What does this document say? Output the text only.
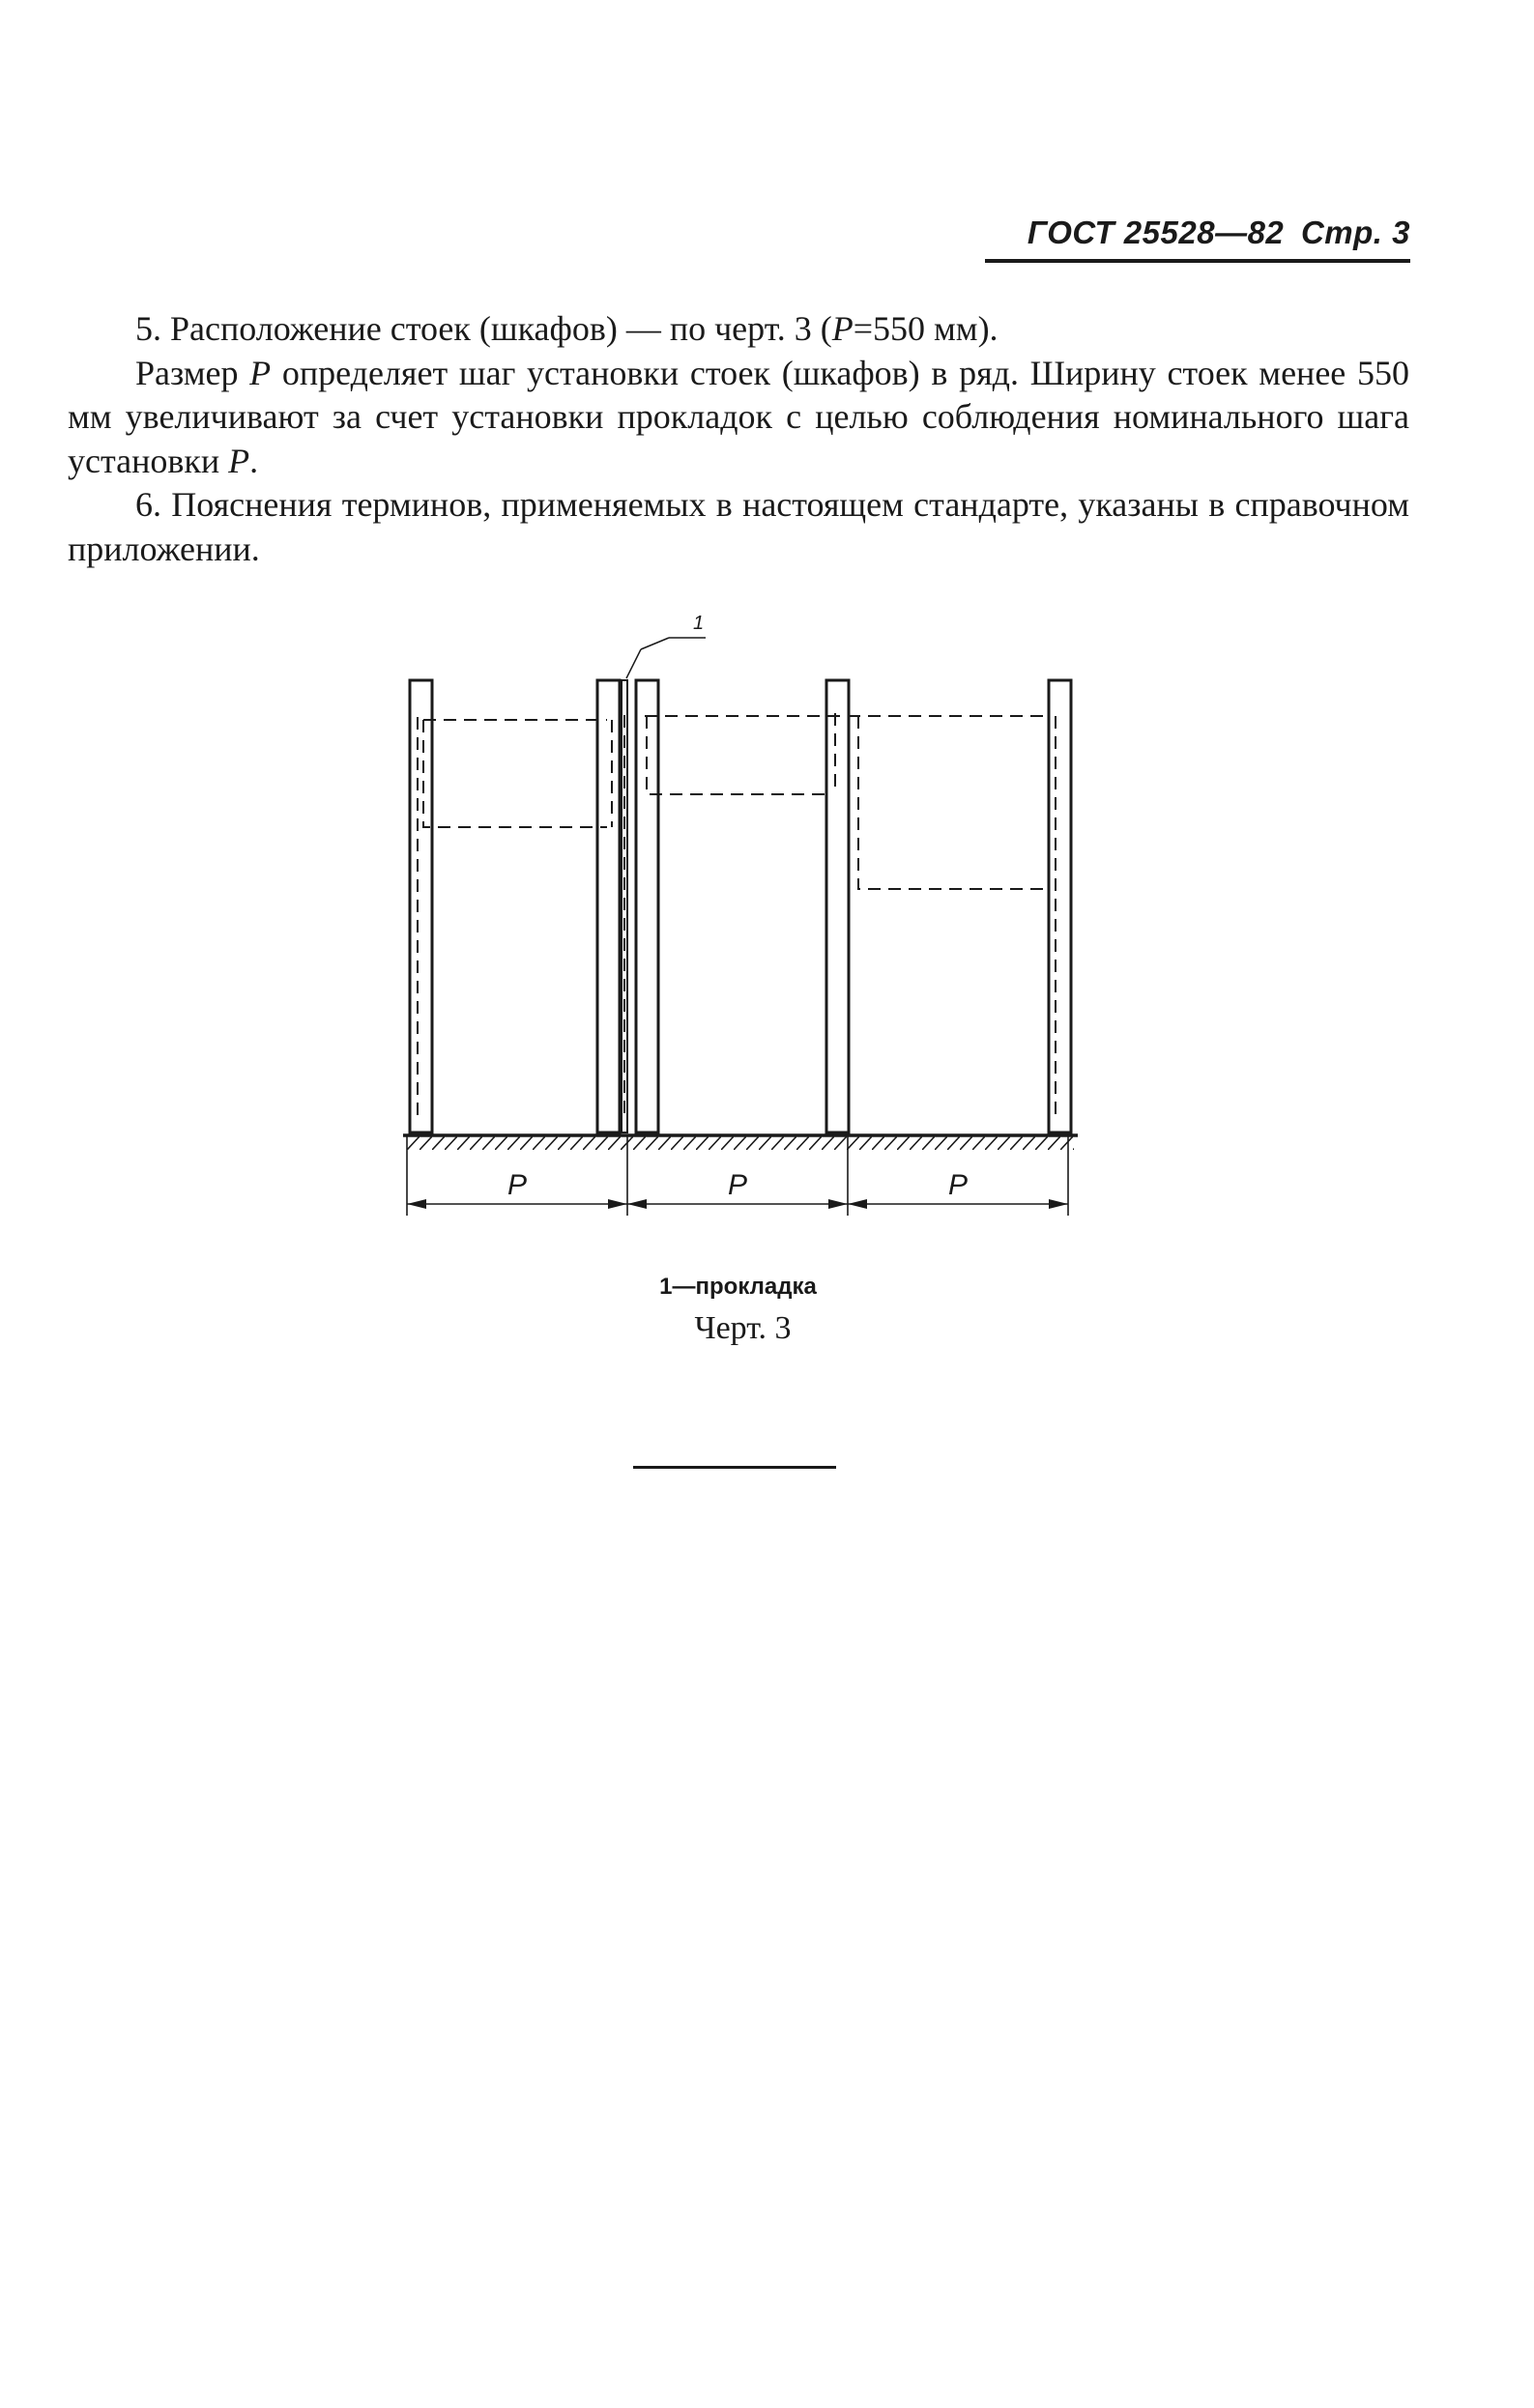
ГОСТ 25528—82 Стр. 3

5. Расположение стоек (шкафов) — по черт. 3 (P=550 мм).

Размер P определяет шаг установки стоек (шкафов) в ряд. Ширину стоек менее 550 мм увеличивают за счет установки прокладок с целью соблюдения номинального шага установки P.

6. Пояснения терминов, применяемых в настоящем стандарте, указаны в справочном приложении.

1
P	P	P
1—прокладка
Черт. 3
